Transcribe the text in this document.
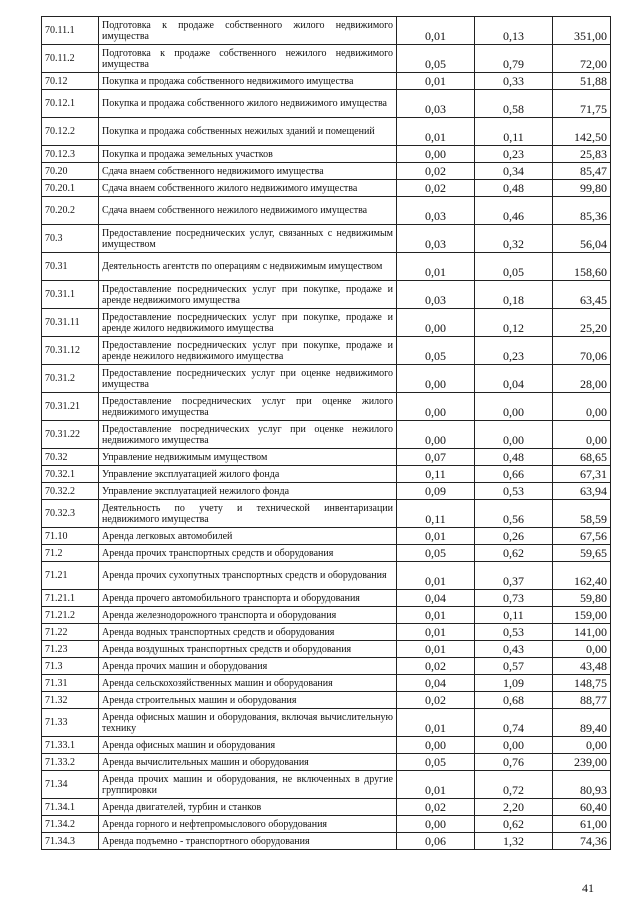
70.11.1	Подготовка к продаже собственного жилого недвижимого имущества	0,01	0,13	351,00
70.11.2	Подготовка к продаже собственного нежилого недвижимого имущества	0,05	0,79	72,00
70.12	Покупка и продажа собственного недвижимого имущества	0,01	0,33	51,88
70.12.1	Покупка и продажа собственного жилого недвижимого имущества	0,03	0,58	71,75
70.12.2	Покупка и продажа собственных нежилых зданий и помещений	0,01	0,11	142,50
70.12.3	Покупка и продажа земельных участков	0,00	0,23	25,83
70.20	Сдача внаем собственного недвижимого имущества	0,02	0,34	85,47
70.20.1	Сдача внаем собственного жилого недвижимого имущества	0,02	0,48	99,80
70.20.2	Сдача внаем собственного нежилого недвижимого имущества	0,03	0,46	85,36
70.3	Предоставление посреднических услуг, связанных с недвижимым имуществом	0,03	0,32	56,04
70.31	Деятельность агентств по операциям с недвижимым имуществом	0,01	0,05	158,60
70.31.1	Предоставление посреднических услуг при покупке, продаже и аренде недвижимого имущества	0,03	0,18	63,45
70.31.11	Предоставление посреднических услуг при покупке, продаже и аренде жилого недвижимого имущества	0,00	0,12	25,20
70.31.12	Предоставление посреднических услуг при покупке, продаже и аренде нежилого недвижимого имущества	0,05	0,23	70,06
70.31.2	Предоставление посреднических услуг при оценке недвижимого имущества	0,00	0,04	28,00
70.31.21	Предоставление посреднических услуг при оценке жилого недвижимого имущества	0,00	0,00	0,00
70.31.22	Предоставление посреднических услуг при оценке нежилого недвижимого имущества	0,00	0,00	0,00
70.32	Управление недвижимым имуществом	0,07	0,48	68,65
70.32.1	Управление эксплуатацией жилого фонда	0,11	0,66	67,31
70.32.2	Управление эксплуатацией нежилого фонда	0,09	0,53	63,94
70.32.3	Деятельность по учету и технической инвентаризации недвижимого имущества	0,11	0,56	58,59
71.10	Аренда легковых автомобилей	0,01	0,26	67,56
71.2	Аренда прочих транспортных средств и оборудования	0,05	0,62	59,65
71.21	Аренда прочих сухопутных транспортных средств и оборудования	0,01	0,37	162,40
71.21.1	Аренда прочего автомобильного транспорта и оборудования	0,04	0,73	59,80
71.21.2	Аренда железнодорожного транспорта и оборудования	0,01	0,11	159,00
71.22	Аренда водных транспортных средств и оборудования	0,01	0,53	141,00
71.23	Аренда воздушных транспортных средств и оборудования	0,01	0,43	0,00
71.3	Аренда прочих машин и оборудования	0,02	0,57	43,48
71.31	Аренда сельскохозяйственных машин и оборудования	0,04	1,09	148,75
71.32	Аренда строительных машин и оборудования	0,02	0,68	88,77
71.33	Аренда офисных машин и оборудования, включая вычислительную технику	0,01	0,74	89,40
71.33.1	Аренда офисных машин и оборудования	0,00	0,00	0,00
71.33.2	Аренда вычислительных машин и оборудования	0,05	0,76	239,00
71.34	Аренда прочих машин и оборудования, не включенных в другие группировки	0,01	0,72	80,93
71.34.1	Аренда двигателей, турбин и станков	0,02	2,20	60,40
71.34.2	Аренда горного и нефтепромыслового оборудования	0,00	0,62	61,00
71.34.3	Аренда подъемно - транспортного оборудования	0,06	1,32	74,36
41
